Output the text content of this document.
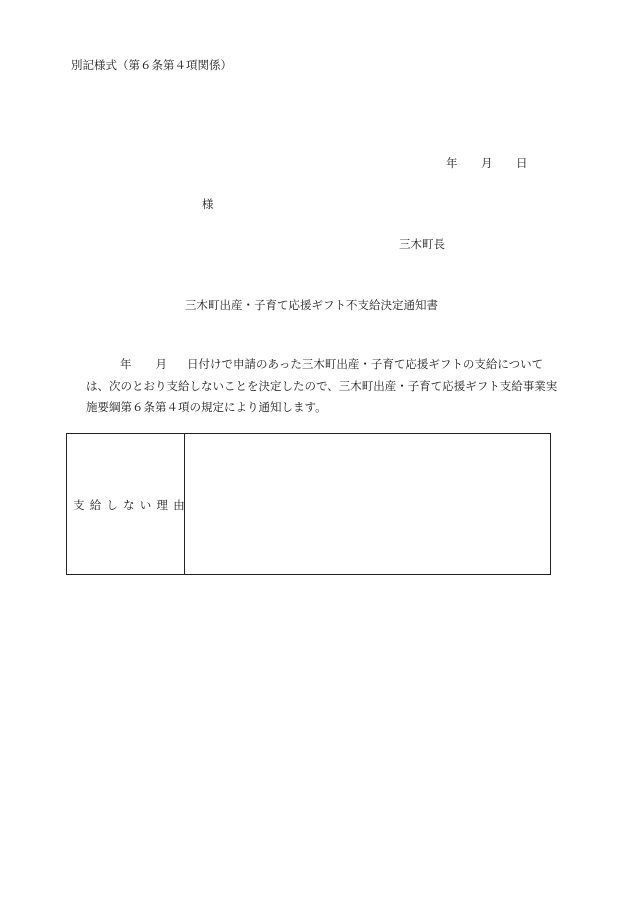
別記様式（第６条第４項関係）
年 月 日
様
三木町長
三木町出産・子育て応援ギフト不支給決定通知書
年 月 日付けで申請のあった三木町出産・子育て応援ギフトの支給について
は、次のとおり支給しないことを決定したので、三木町出産・子育て応援ギフト支給事業実
施要綱第６条第４項の規定により通知します。
支給しない理由
